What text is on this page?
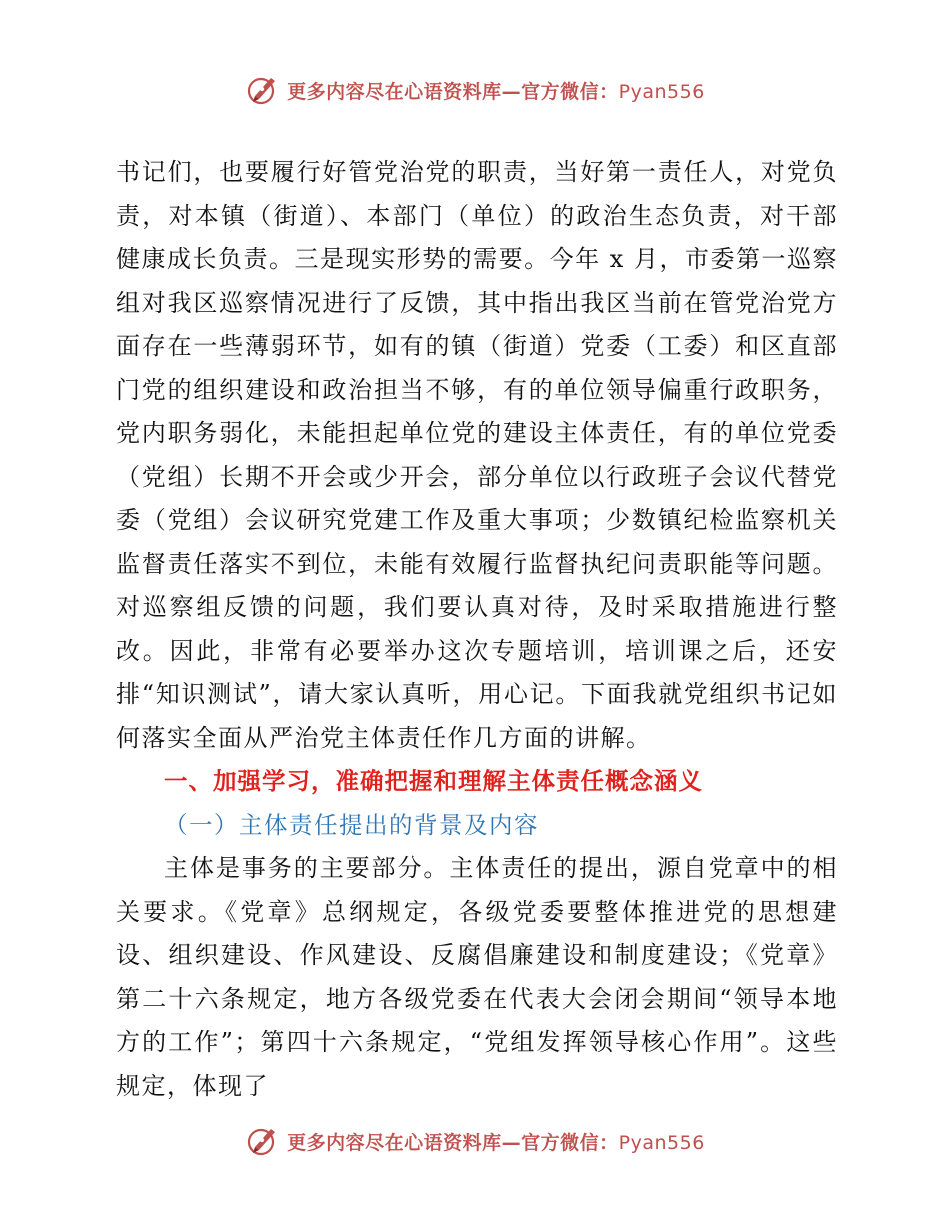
更多内容尽在心语资料库—官方微信：Pyan556

书记们，也要履行好管党治党的职责，当好第一责任人，对党负责，对本镇（街道）、本部门（单位）的政治生态负责，对干部健康成长负责。三是现实形势的需要。今年 x 月，市委第一巡察组对我区巡察情况进行了反馈，其中指出我区当前在管党治党方面存在一些薄弱环节，如有的镇（街道）党委（工委）和区直部门党的组织建设和政治担当不够，有的单位领导偏重行政职务，党内职务弱化，未能担起单位党的建设主体责任，有的单位党委（党组）长期不开会或少开会，部分单位以行政班子会议代替党委（党组）会议研究党建工作及重大事项；少数镇纪检监察机关监督责任落实不到位，未能有效履行监督执纪问责职能等问题。对巡察组反馈的问题，我们要认真对待，及时采取措施进行整改。因此，非常有必要举办这次专题培训，培训课之后，还安排“知识测试”，请大家认真听，用心记。下面我就党组织书记如何落实全面从严治党主体责任作几方面的讲解。

一、加强学习，准确把握和理解主体责任概念涵义

（一）主体责任提出的背景及内容

主体是事务的主要部分。主体责任的提出，源自党章中的相关要求。《党章》总纲规定，各级党委要整体推进党的思想建设、组织建设、作风建设、反腐倡廉建设和制度建设；《党章》第二十六条规定，地方各级党委在代表大会闭会期间“领导本地方的工作”；第四十六条规定，“党组发挥领导核心作用”。这些规定，体现了

更多内容尽在心语资料库—官方微信：Pyan556
